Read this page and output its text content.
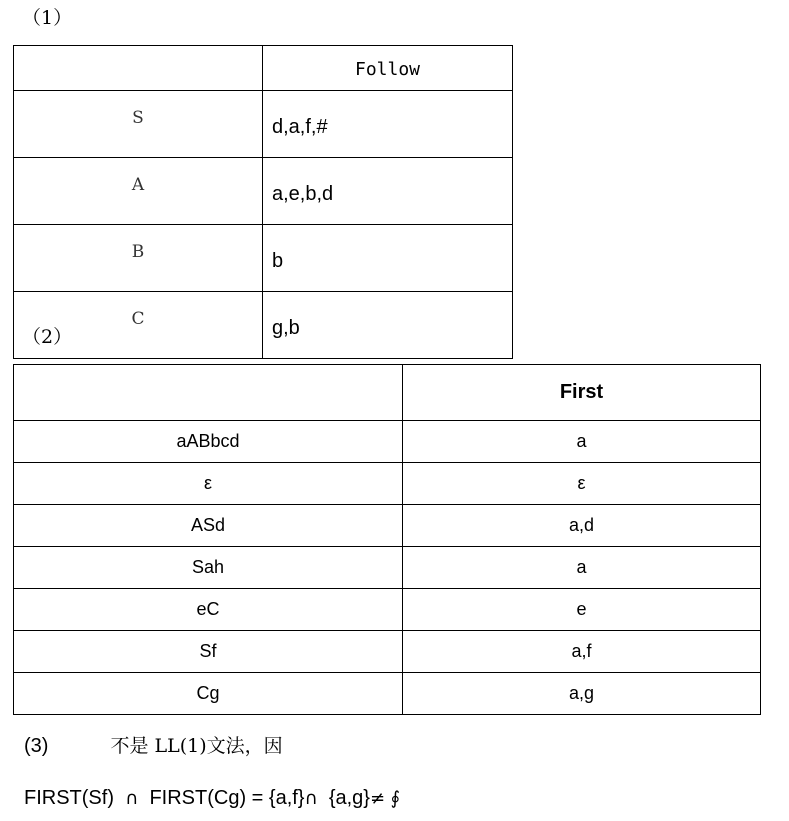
（1）
	Follow
S	d,a,f,#
A	a,e,b,d
B	b
C	g,b
（2）
	First
aABbcd	a
ε	ε
ASd	a,d
Sah	a
eC	e
Sf	a,f
Cg	a,g
(3)	不是 LL(1)文法，因
FIRST(Sf) ∩ FIRST(Cg) = {a,f}∩ {a,g}≠ ∮
